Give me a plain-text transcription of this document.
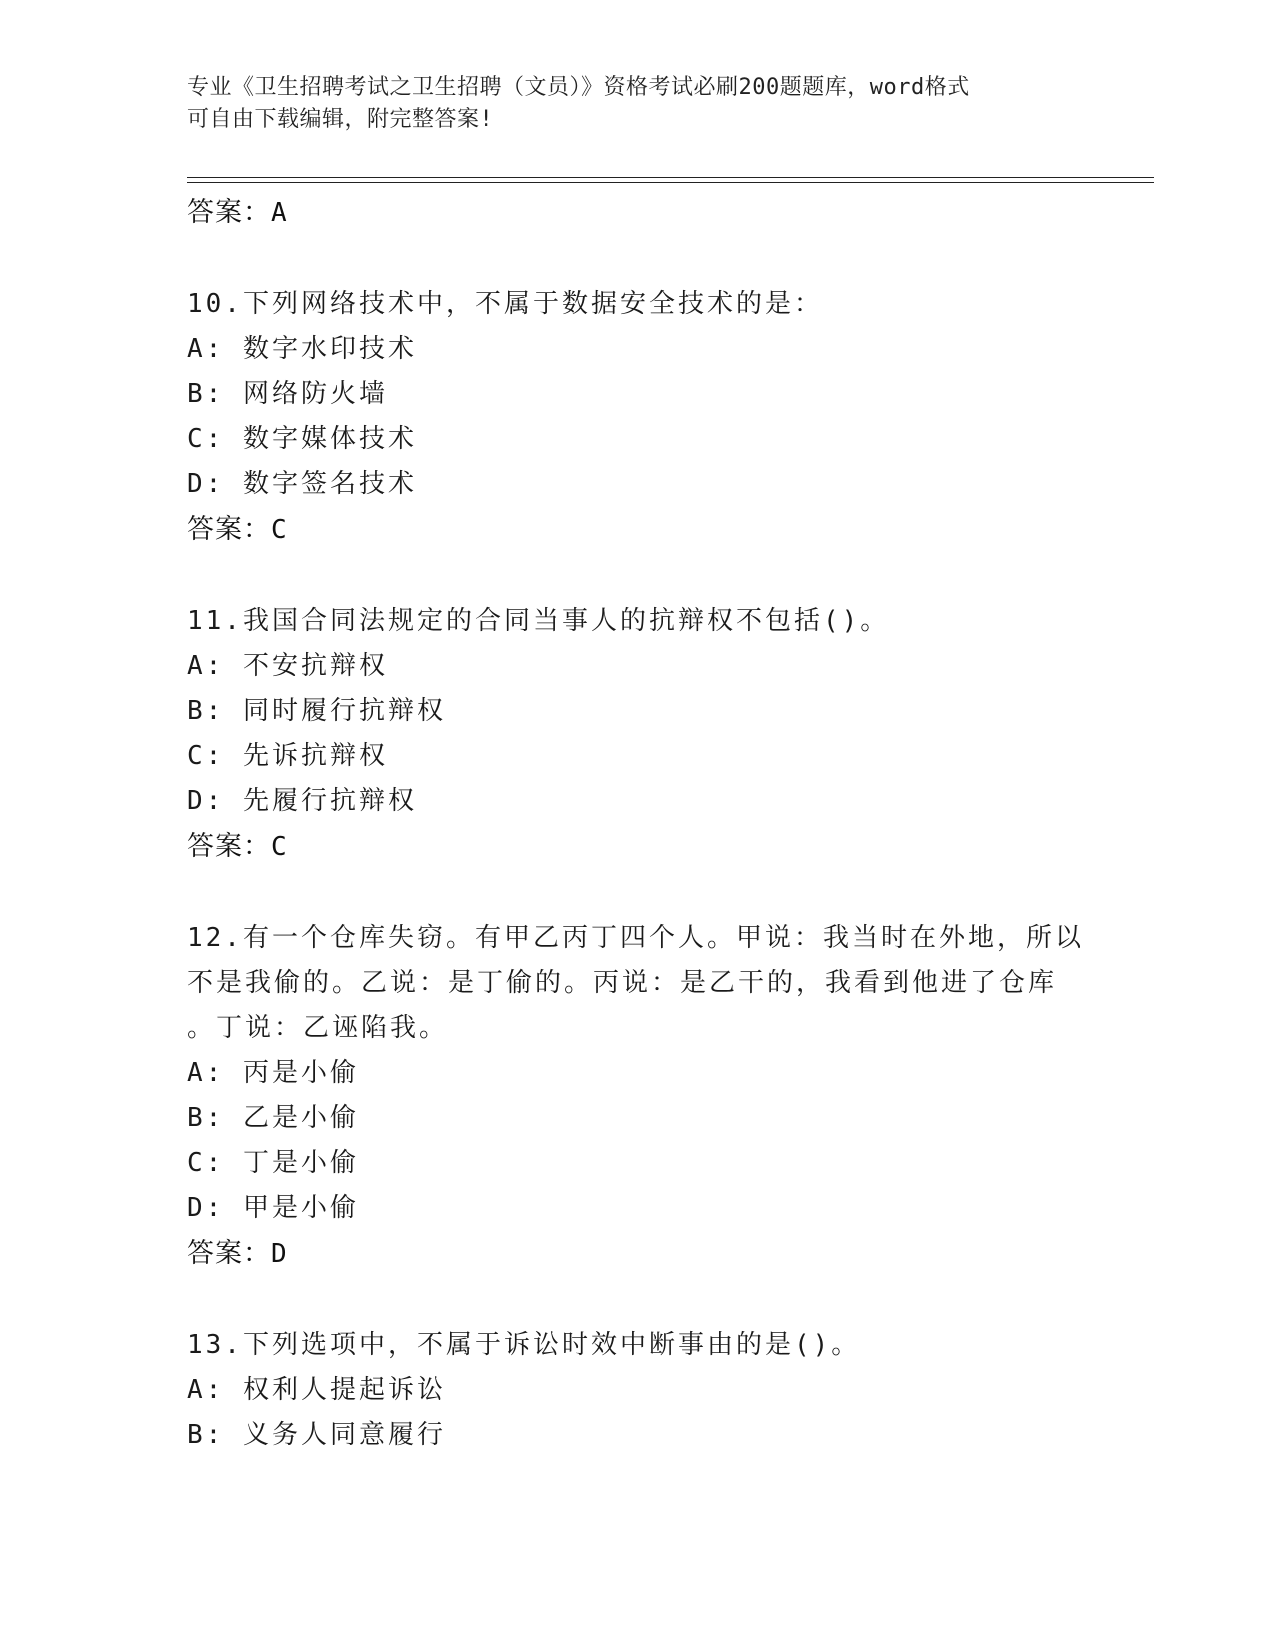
专业《卫生招聘考试之卫生招聘（文员）》资格考试必刷200题题库，word格式
可自由下载编辑，附完整答案!
答案：A
10.下列网络技术中，不属于数据安全技术的是：
A: 数字水印技术
B: 网络防火墙
C: 数字媒体技术
D: 数字签名技术
答案：C
11.我国合同法规定的合同当事人的抗辩权不包括()。
A: 不安抗辩权
B: 同时履行抗辩权
C: 先诉抗辩权
D: 先履行抗辩权
答案：C
12.有一个仓库失窃。有甲乙丙丁四个人。甲说：我当时在外地，所以
不是我偷的。乙说：是丁偷的。丙说：是乙干的，我看到他进了仓库
。丁说：乙诬陷我。
A: 丙是小偷
B: 乙是小偷
C: 丁是小偷
D: 甲是小偷
答案：D
13.下列选项中，不属于诉讼时效中断事由的是()。
A: 权利人提起诉讼
B: 义务人同意履行
